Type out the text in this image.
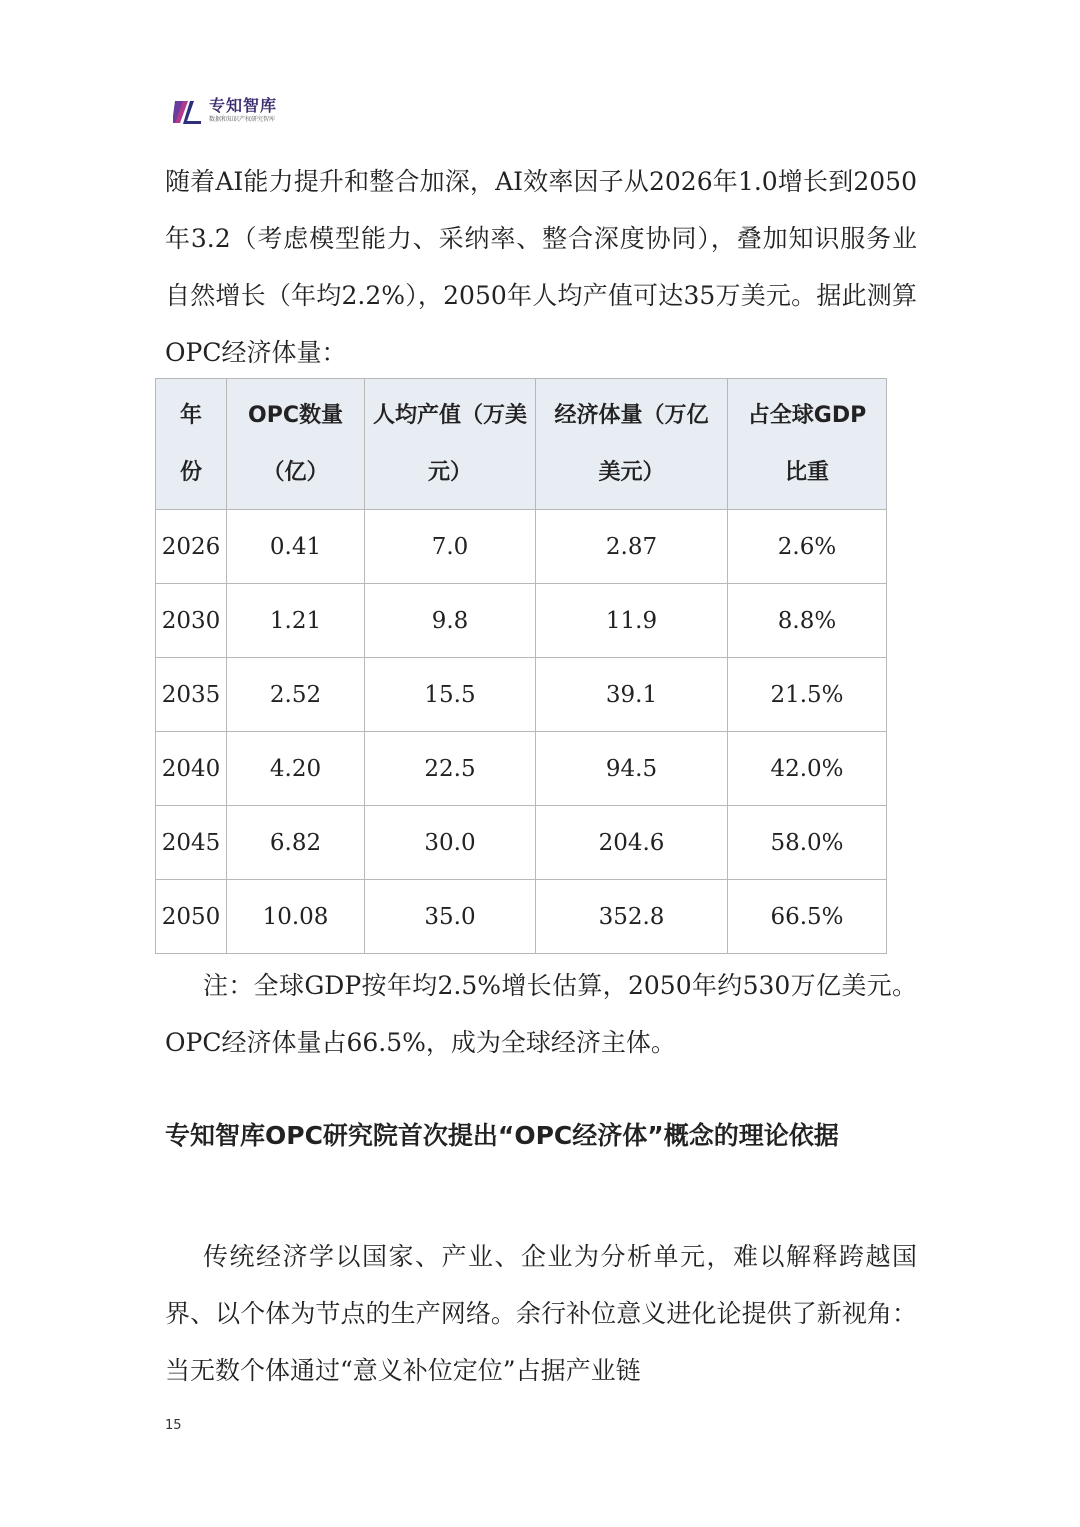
专知智库
数据和知识产权研究智库

随着AI能力提升和整合加深，AI效率因子从2026年1.0增长到2050年3.2（考虑模型能力、采纳率、整合深度协同），叠加知识服务业自然增长（年均2.2%），2050年人均产值可达35万美元。据此测算OPC经济体量：

年份	OPC数量（亿）	人均产值（万美元）	经济体量（万亿美元）	占全球GDP比重
2026	0.41	7.0	2.87	2.6%
2030	1.21	9.8	11.9	8.8%
2035	2.52	15.5	39.1	21.5%
2040	4.20	22.5	94.5	42.0%
2045	6.82	30.0	204.6	58.0%
2050	10.08	35.0	352.8	66.5%

注：全球GDP按年均2.5%增长估算，2050年约530万亿美元。OPC经济体量占66.5%，成为全球经济主体。

专知智库OPC研究院首次提出“OPC经济体”概念的理论依据

传统经济学以国家、产业、企业为分析单元，难以解释跨越国界、以个体为节点的生产网络。余行补位意义进化论提供了新视角：当无数个体通过“意义补位定位”占据产业链

15
